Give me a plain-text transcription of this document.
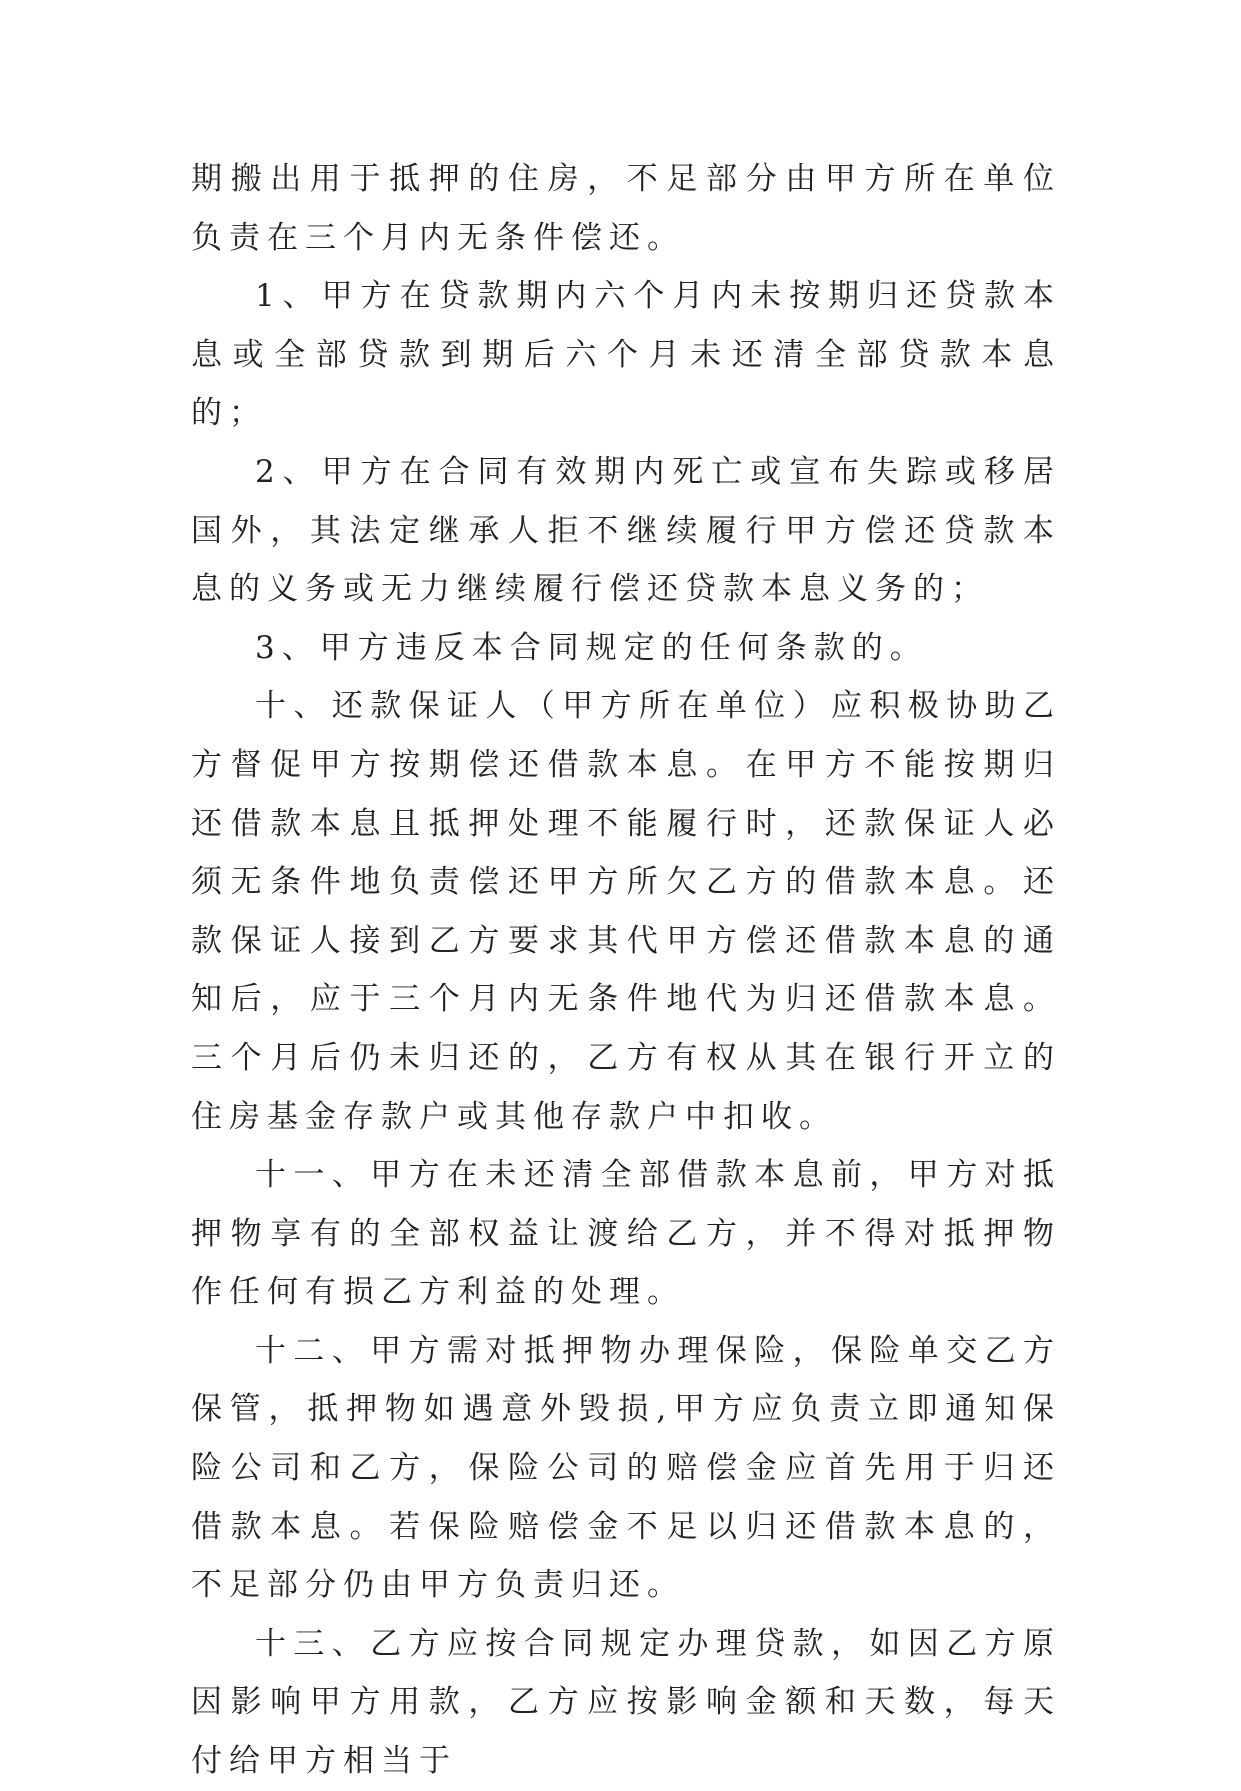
期搬出用于抵押的住房，不足部分由甲方所在单位负责在三个月内无条件偿还。

1、甲方在贷款期内六个月内未按期归还贷款本息或全部贷款到期后六个月未还清全部贷款本息的；

2、甲方在合同有效期内死亡或宣布失踪或移居国外，其法定继承人拒不继续履行甲方偿还贷款本息的义务或无力继续履行偿还贷款本息义务的；

3、甲方违反本合同规定的任何条款的。

十、还款保证人（甲方所在单位）应积极协助乙方督促甲方按期偿还借款本息。在甲方不能按期归还借款本息且抵押处理不能履行时，还款保证人必须无条件地负责偿还甲方所欠乙方的借款本息。还款保证人接到乙方要求其代甲方偿还借款本息的通知后，应于三个月内无条件地代为归还借款本息。三个月后仍未归还的，乙方有权从其在银行开立的住房基金存款户或其他存款户中扣收。

十一、甲方在未还清全部借款本息前，甲方对抵押物享有的全部权益让渡给乙方，并不得对抵押物作任何有损乙方利益的处理。

十二、甲方需对抵押物办理保险，保险单交乙方保管，抵押物如遇意外毁损,甲方应负责立即通知保险公司和乙方，保险公司的赔偿金应首先用于归还借款本息。若保险赔偿金不足以归还借款本息的，不足部分仍由甲方负责归还。

十三、乙方应按合同规定办理贷款，如因乙方原因影响甲方用款，乙方应按影响金额和天数，每天付给甲方相当于
